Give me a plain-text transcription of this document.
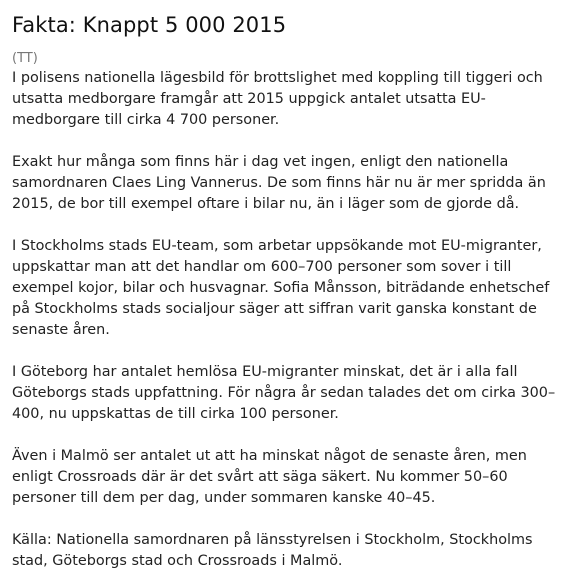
Fakta: Knappt 5 000 2015
(TT)

I polisens nationella lägesbild för brottslighet med koppling till tiggeri och utsatta medborgare framgår att 2015 uppgick antalet utsatta EU-medborgare till cirka 4 700 personer.

Exakt hur många som finns här i dag vet ingen, enligt den nationella samordnaren Claes Ling Vannerus. De som finns här nu är mer spridda än 2015, de bor till exempel oftare i bilar nu, än i läger som de gjorde då.

I Stockholms stads EU-team, som arbetar uppsökande mot EU-migranter, uppskattar man att det handlar om 600–700 personer som sover i till exempel kojor, bilar och husvagnar. Sofia Månsson, biträdande enhetschef på Stockholms stads socialjour säger att siffran varit ganska konstant de senaste åren.

I Göteborg har antalet hemlösa EU-migranter minskat, det är i alla fall Göteborgs stads uppfattning. För några år sedan talades det om cirka 300–400, nu uppskattas de till cirka 100 personer.

Även i Malmö ser antalet ut att ha minskat något de senaste åren, men enligt Crossroads där är det svårt att säga säkert. Nu kommer 50–60 personer till dem per dag, under sommaren kanske 40–45.

Källa: Nationella samordnaren på länsstyrelsen i Stockholm, Stockholms stad, Göteborgs stad och Crossroads i Malmö.
